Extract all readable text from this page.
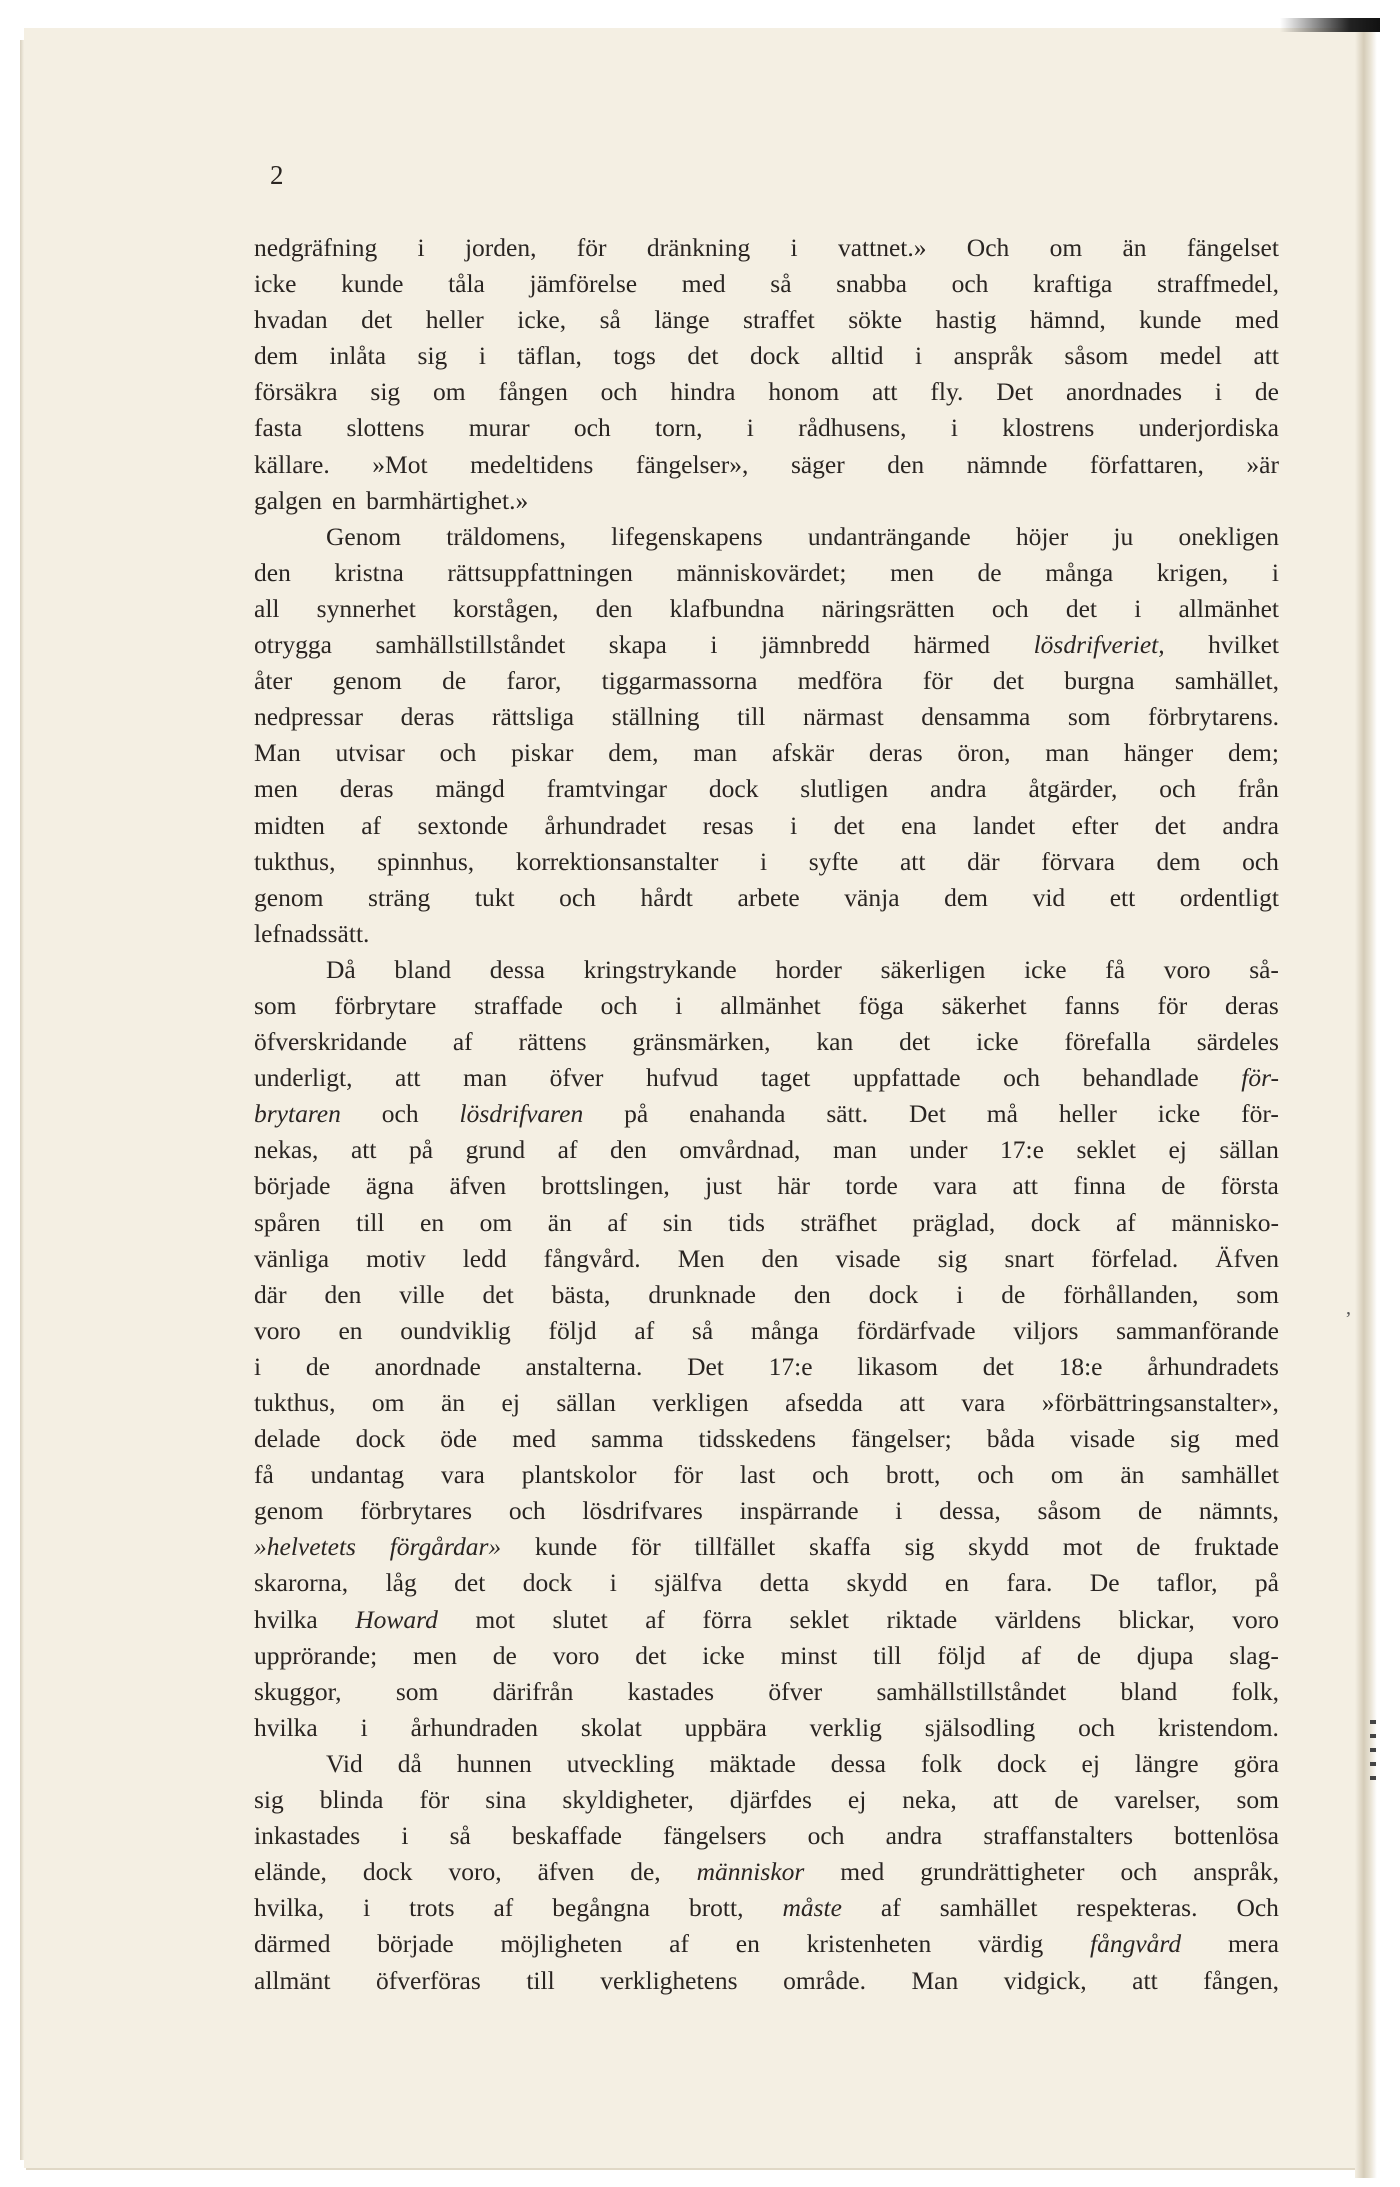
2
nedgräfning i jorden, för dränkning i vattnet.» Och om än fängelset
icke kunde tåla jämförelse med så snabba och kraftiga straffmedel,
hvadan det heller icke, så länge straffet sökte hastig hämnd, kunde med
dem inlåta sig i täflan, togs det dock alltid i anspråk såsom medel att
försäkra sig om fången och hindra honom att fly. Det anordnades i de
fasta slottens murar och torn, i rådhusens, i klostrens underjordiska
källare. »Mot medeltidens fängelser», säger den nämnde författaren, »är
galgen en barmhärtighet.»
Genom träldomens, lifegenskapens undanträngande höjer ju onekligen
den kristna rättsuppfattningen människovärdet; men de många krigen, i
all synnerhet korstågen, den klafbundna näringsrätten och det i allmänhet
otrygga samhällstillståndet skapa i jämnbredd härmed lösdrifveriet, hvilket
åter genom de faror, tiggarmassorna medföra för det burgna samhället,
nedpressar deras rättsliga ställning till närmast densamma som förbrytarens.
Man utvisar och piskar dem, man afskär deras öron, man hänger dem;
men deras mängd framtvingar dock slutligen andra åtgärder, och från
midten af sextonde århundradet resas i det ena landet efter det andra
tukthus, spinnhus, korrektionsanstalter i syfte att där förvara dem och
genom sträng tukt och hårdt arbete vänja dem vid ett ordentligt
lefnadssätt.
Då bland dessa kringstrykande horder säkerligen icke få voro så-
som förbrytare straffade och i allmänhet föga säkerhet fanns för deras
öfverskridande af rättens gränsmärken, kan det icke förefalla särdeles
underligt, att man öfver hufvud taget uppfattade och behandlade för-
brytaren och lösdrifvaren på enahanda sätt. Det må heller icke för-
nekas, att på grund af den omvårdnad, man under 17:e seklet ej sällan
började ägna äfven brottslingen, just här torde vara att finna de första
spåren till en om än af sin tids sträfhet präglad, dock af människo-
vänliga motiv ledd fångvård. Men den visade sig snart förfelad. Äfven
där den ville det bästa, drunknade den dock i de förhållanden, som
voro en oundviklig följd af så många fördärfvade viljors sammanförande
i de anordnade anstalterna. Det 17:e likasom det 18:e århundradets
tukthus, om än ej sällan verkligen afsedda att vara »förbättringsanstalter»,
delade dock öde med samma tidsskedens fängelser; båda visade sig med
få undantag vara plantskolor för last och brott, och om än samhället
genom förbrytares och lösdrifvares inspärrande i dessa, såsom de nämnts,
»helvetets förgårdar» kunde för tillfället skaffa sig skydd mot de fruktade
skarorna, låg det dock i själfva detta skydd en fara. De taflor, på
hvilka Howard mot slutet af förra seklet riktade världens blickar, voro
upprörande; men de voro det icke minst till följd af de djupa slag-
skuggor, som därifrån kastades öfver samhällstillståndet bland folk,
hvilka i århundraden skolat uppbära verklig själsodling och kristendom.
Vid då hunnen utveckling mäktade dessa folk dock ej längre göra
sig blinda för sina skyldigheter, djärfdes ej neka, att de varelser, som
inkastades i så beskaffade fängelsers och andra straffanstalters bottenlösa
elände, dock voro, äfven de, människor med grundrättigheter och anspråk,
hvilka, i trots af begångna brott, måste af samhället respekteras. Och
därmed började möjligheten af en kristenheten värdig fångvård mera
allmänt öfverföras till verklighetens område. Man vidgick, att fången,
’
